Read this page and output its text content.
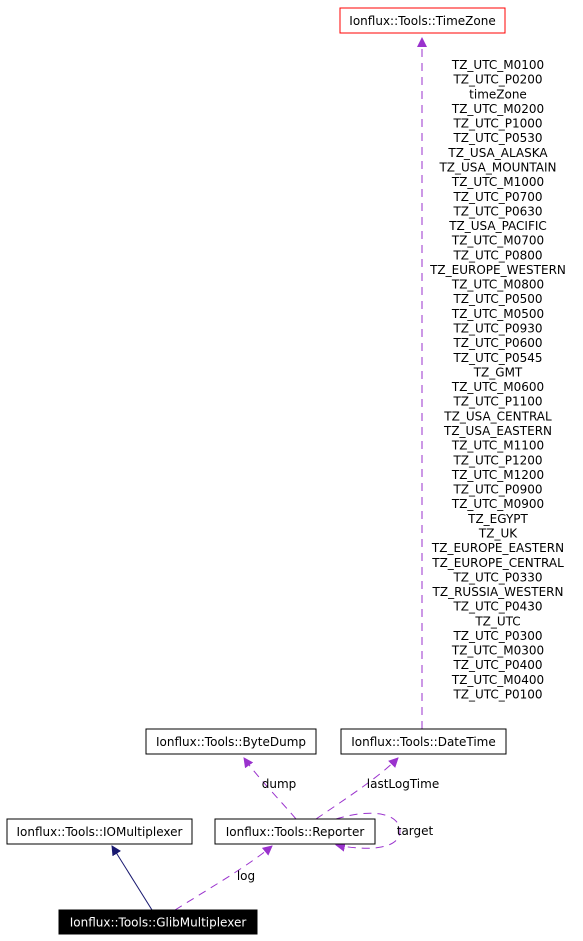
Ionflux::Tools::TimeZone
Ionflux::Tools::ByteDump	Ionflux::Tools::DateTime
Ionflux::Tools::IOMultiplexer	Ionflux::Tools::Reporter
Ionflux::Tools::GlibMultiplexer
dump	lastLogTime
target
log
TZ_UTC_M0100
TZ_UTC_P0200
timeZone
TZ_UTC_M0200
TZ_UTC_P1000
TZ_UTC_P0530
TZ_USA_ALASKA
TZ_USA_MOUNTAIN
TZ_UTC_M1000
TZ_UTC_P0700
TZ_UTC_P0630
TZ_USA_PACIFIC
TZ_UTC_M0700
TZ_UTC_P0800
TZ_EUROPE_WESTERN
TZ_UTC_M0800
TZ_UTC_P0500
TZ_UTC_M0500
TZ_UTC_P0930
TZ_UTC_P0600
TZ_UTC_P0545
TZ_GMT
TZ_UTC_M0600
TZ_UTC_P1100
TZ_USA_CENTRAL
TZ_USA_EASTERN
TZ_UTC_M1100
TZ_UTC_P1200
TZ_UTC_M1200
TZ_UTC_P0900
TZ_UTC_M0900
TZ_EGYPT
TZ_UK
TZ_EUROPE_EASTERN
TZ_EUROPE_CENTRAL
TZ_UTC_P0330
TZ_RUSSIA_WESTERN
TZ_UTC_P0430
TZ_UTC
TZ_UTC_P0300
TZ_UTC_M0300
TZ_UTC_P0400
TZ_UTC_M0400
TZ_UTC_P0100
